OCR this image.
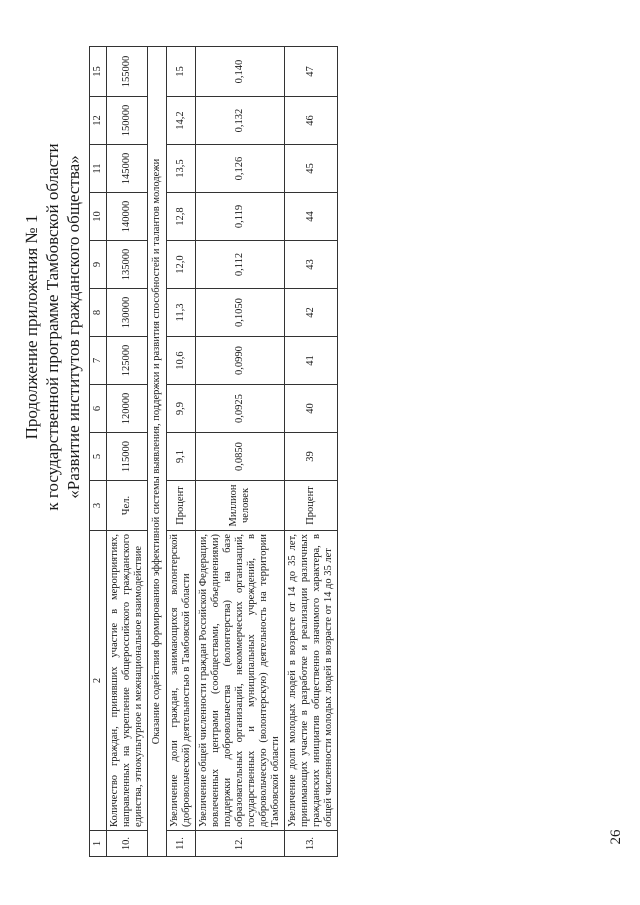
26
Продолжение приложения № 1 к государственной программе Тамбовской области «Развитие институтов гражданского общества»
1	2	3	5	6	7	8	9	10	11	12	15
10.	Количество граждан, принявших участие в мероприятиях, направленных на укрепление общероссийского гражданского единства, этнокультурное и межнациональное взаимодействие	Чел.	115000	120000	125000	130000	135000	140000	145000	150000	155000
Оказание содействия формированию эффективной системы выявления, поддержки и развития способностей и талантов молодежи											
11.	Увеличение доли граждан, занимающихся волонтерской (добровольческой) деятельностью в Тамбовской области	Процент	9,1	9,9	10,6	11,3	12,0	12,8	13,5	14,2	15
12.	Увеличение общей численности граждан Российской Федерации, вовлеченных центрами (сообществами, объединениями) поддержки добровольчества (волонтерства) на базе образовательных организаций, некоммерческих организаций, государственных и муниципальных учреждений, в добровольческую (волонтерскую) деятельность на территории Тамбовской области	Миллион человек	0,0850	0,0925	0,0990	0,1050	0,112	0,119	0,126	0,132	0,140
13.	Увеличение доли молодых людей в возрасте от 14 до 35 лет, принимающих участие в разработке и реализации различных гражданских инициатив общественно значимого характера, в общей численности молодых людей в возрасте от 14 до 35 лет	Процент	39	40	41	42	43	44	45	46	47
